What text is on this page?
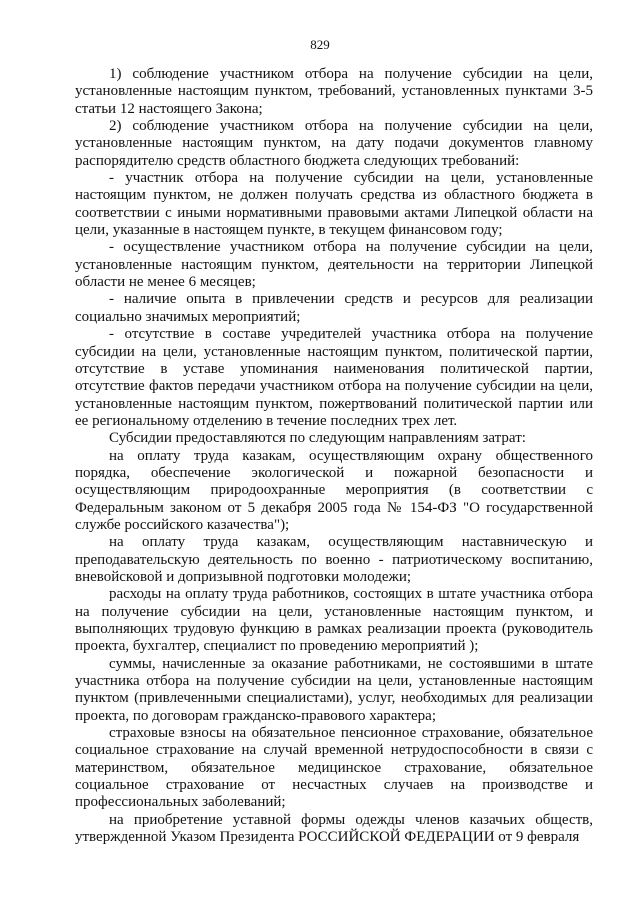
829

1) соблюдение участником отбора на получение субсидии на цели, установленные настоящим пунктом, требований, установленных пунктами 3-5 статьи 12 настоящего Закона;

2) соблюдение участником отбора на получение субсидии на цели, установленные настоящим пунктом, на дату подачи документов главному распорядителю средств областного бюджета следующих требований:

- участник отбора на получение субсидии на цели, установленные настоящим пунктом, не должен получать средства из областного бюджета в соответствии с иными нормативными правовыми актами Липецкой области на цели, указанные в настоящем пункте, в текущем финансовом году;

- осуществление участником отбора на получение субсидии на цели, установленные настоящим пунктом, деятельности на территории Липецкой области не менее 6 месяцев;

- наличие опыта в привлечении средств и ресурсов для реализации социально значимых мероприятий;

- отсутствие в составе учредителей участника отбора на получение субсидии на цели, установленные настоящим пунктом, политической партии, отсутствие в уставе упоминания наименования политической партии, отсутствие фактов передачи участником отбора на получение субсидии на цели, установленные настоящим пунктом, пожертвований политической партии или ее региональному отделению в течение последних трех лет.

Субсидии предоставляются по следующим направлениям затрат:

на оплату труда казакам, осуществляющим охрану общественного порядка, обеспечение экологической и пожарной безопасности и осуществляющим природоохранные мероприятия (в соответствии с Федеральным законом от 5 декабря 2005 года № 154-ФЗ "О государственной службе российского казачества");

на оплату труда казакам, осуществляющим наставническую и преподавательскую деятельность по военно - патриотическому воспитанию, вневойсковой и допризывной подготовки молодежи;

расходы на оплату труда работников, состоящих в штате участника отбора на получение субсидии на цели, установленные настоящим пунктом, и выполняющих трудовую функцию в рамках реализации проекта (руководитель проекта, бухгалтер, специалист по проведению мероприятий );

суммы, начисленные за оказание работниками, не состоявшими в штате участника отбора на получение субсидии на цели, установленные настоящим пунктом (привлеченными специалистами), услуг, необходимых для реализации проекта, по договорам гражданско-правового характера;

страховые взносы на обязательное пенсионное страхование, обязательное социальное страхование на случай временной нетрудоспособности в связи с материнством, обязательное медицинское страхование, обязательное социальное страхование от несчастных случаев на производстве и профессиональных заболеваний;

на приобретение уставной формы одежды членов казачьих обществ, утвержденной Указом Президента РОССИЙСКОЙ ФЕДЕРАЦИИ от 9 февраля
